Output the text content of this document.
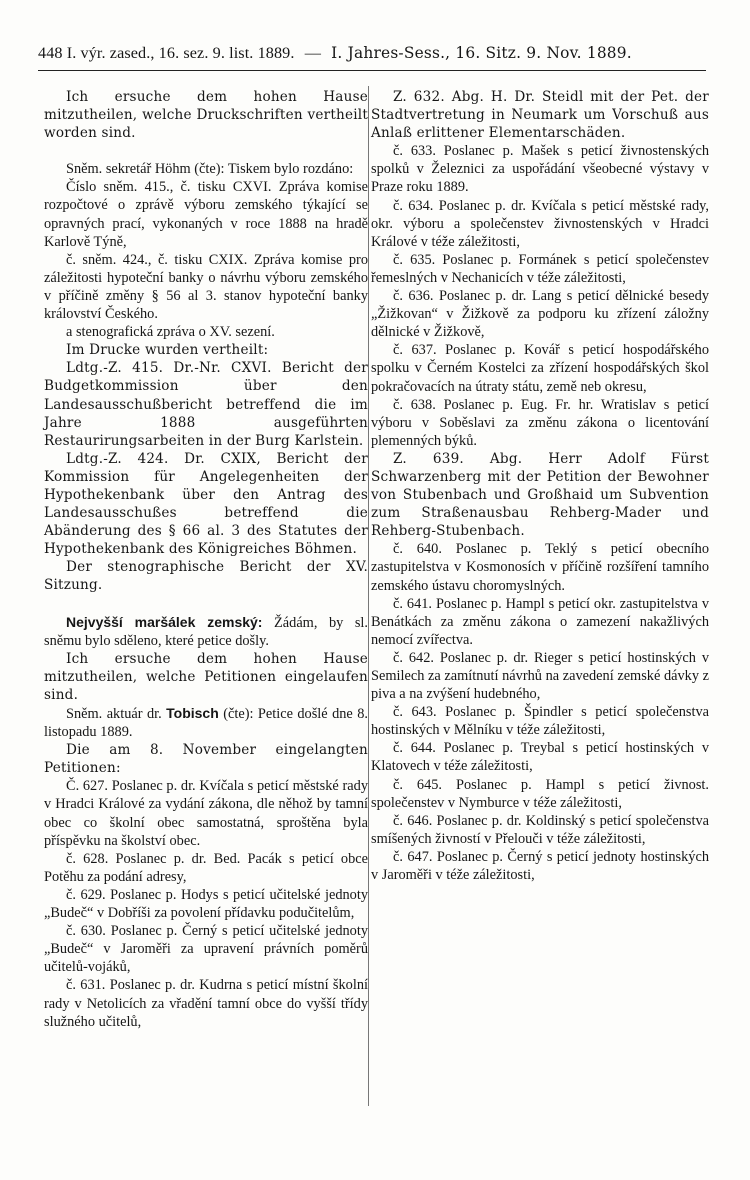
448 I. výr. zased., 16. sez. 9. list. 1889. — I. Jahres-Sess., 16. Sitz. 9. Nov. 1889.

Ich ersuche dem hohen Hause mitzutheilen, welche Druckschriften vertheilt worden sind.

Sněm. sekretář Höhm (čte): Tiskem bylo rozdáno:

Číslo sněm. 415., č. tisku CXVI. Zpráva komise rozpočtové o zprávě výboru zemského týkající se opravných prací, vykonaných v roce 1888 na hradě Karlově Týně,

č. sněm. 424., č. tisku CXIX. Zpráva komise pro záležitosti hypoteční banky o návrhu výboru zemského v příčině změny § 56 al 3. stanov hypoteční banky království Českého.

a stenografická zpráva o XV. sezení.

Im Drucke wurden vertheilt:

Ldtg.-Z. 415. Dr.-Nr. CXVI. Bericht der Budgetkommission über den Landesausschußbericht betreffend die im Jahre 1888 ausgeführten Restaurirungsarbeiten in der Burg Karlstein.

Ldtg.-Z. 424. Dr. CXIX, Bericht der Kommission für Angelegenheiten der Hypothekenbank über den Antrag des Landesausschußes betreffend die Abänderung des § 66 al. 3 des Statutes der Hypothekenbank des Königreiches Böhmen.

Der stenographische Bericht der XV. Sitzung.

Nejvyšší maršálek zemský: Žádám, by sl. sněmu bylo sděleno, které petice došly.

Ich ersuche dem hohen Hause mitzutheilen, welche Petitionen eingelaufen sind.

Sněm. aktuár dr. Tobisch (čte): Petice došlé dne 8. listopadu 1889.

Die am 8. November eingelangten Petitionen:

Č. 627. Poslanec p. dr. Kvíčala s peticí městské rady v Hradci Králové za vydání zákona, dle něhož by tamní obec co školní obec samostatná, sproštěna byla příspěvku na školství obec.

č. 628. Poslanec p. dr. Bed. Pacák s peticí obce Potěhu za podání adresy,

č. 629. Poslanec p. Hodys s peticí učitelské jednoty „Budeč“ v Dobříši za povolení přídavku podučitelům,

č. 630. Poslanec p. Černý s peticí učitelské jednoty „Budeč“ v Jaroměři za upravení právních poměrů učitelů-vojáků,

č. 631. Poslanec p. dr. Kudrna s peticí místní školní rady v Netolicích za vřadění tamní obce do vyšší třídy služného učitelů,

Z. 632. Abg. H. Dr. Steidl mit der Pet. der Stadtvertretung in Neumark um Vorschuß aus Anlaß erlittener Elementarschäden.

č. 633. Poslanec p. Mašek s peticí živnostenských spolků v Železnici za uspořádání všeobecné výstavy v Praze roku 1889.

č. 634. Poslanec p. dr. Kvíčala s peticí městské rady, okr. výboru a společenstev živnostenských v Hradci Králové v téže záležitosti,

č. 635. Poslanec p. Formánek s peticí společenstev řemeslných v Nechanicích v téže záležitosti,

č. 636. Poslanec p. dr. Lang s peticí dělnické besedy „Žižkovan“ v Žižkově za podporu ku zřízení záložny dělnické v Žižkově,

č. 637. Poslanec p. Kovář s peticí hospodářského spolku v Černém Kostelci za zřízení hospodářských škol pokračovacích na útraty státu, země neb okresu,

č. 638. Poslanec p. Eug. Fr. hr. Wratislav s peticí výboru v Soběslavi za změnu zákona o licentování plemenných býků.

Z. 639. Abg. Herr Adolf Fürst Schwarzenberg mit der Petition der Bewohner von Stubenbach und Großhaid um Subvention zum Straßenausbau Rehberg-Mader und Rehberg-Stubenbach.

č. 640. Poslanec p. Teklý s peticí obecního zastupitelstva v Kosmonosích v příčině rozšíření tamního zemského ústavu choromyslných.

č. 641. Poslanec p. Hampl s peticí okr. zastupitelstva v Benátkách za změnu zákona o zamezení nakažlivých nemocí zvířectva.

č. 642. Poslanec p. dr. Rieger s peticí hostinských v Semilech za zamítnutí návrhů na zavedení zemské dávky z piva a na zvýšení hudebného,

č. 643. Poslanec p. Špindler s peticí společenstva hostinských v Mělníku v téže záležitosti,

č. 644. Poslanec p. Treybal s peticí hostinských v Klatovech v téže záležitosti,

č. 645. Poslanec p. Hampl s peticí živnost. společenstev v Nymburce v téže záležitosti,

č. 646. Poslanec p. dr. Koldinský s peticí společenstva smíšených živností v Přelouči v téže záležitosti,

č. 647. Poslanec p. Černý s peticí jednoty hostinských v Jaroměři v téže záležitosti,
